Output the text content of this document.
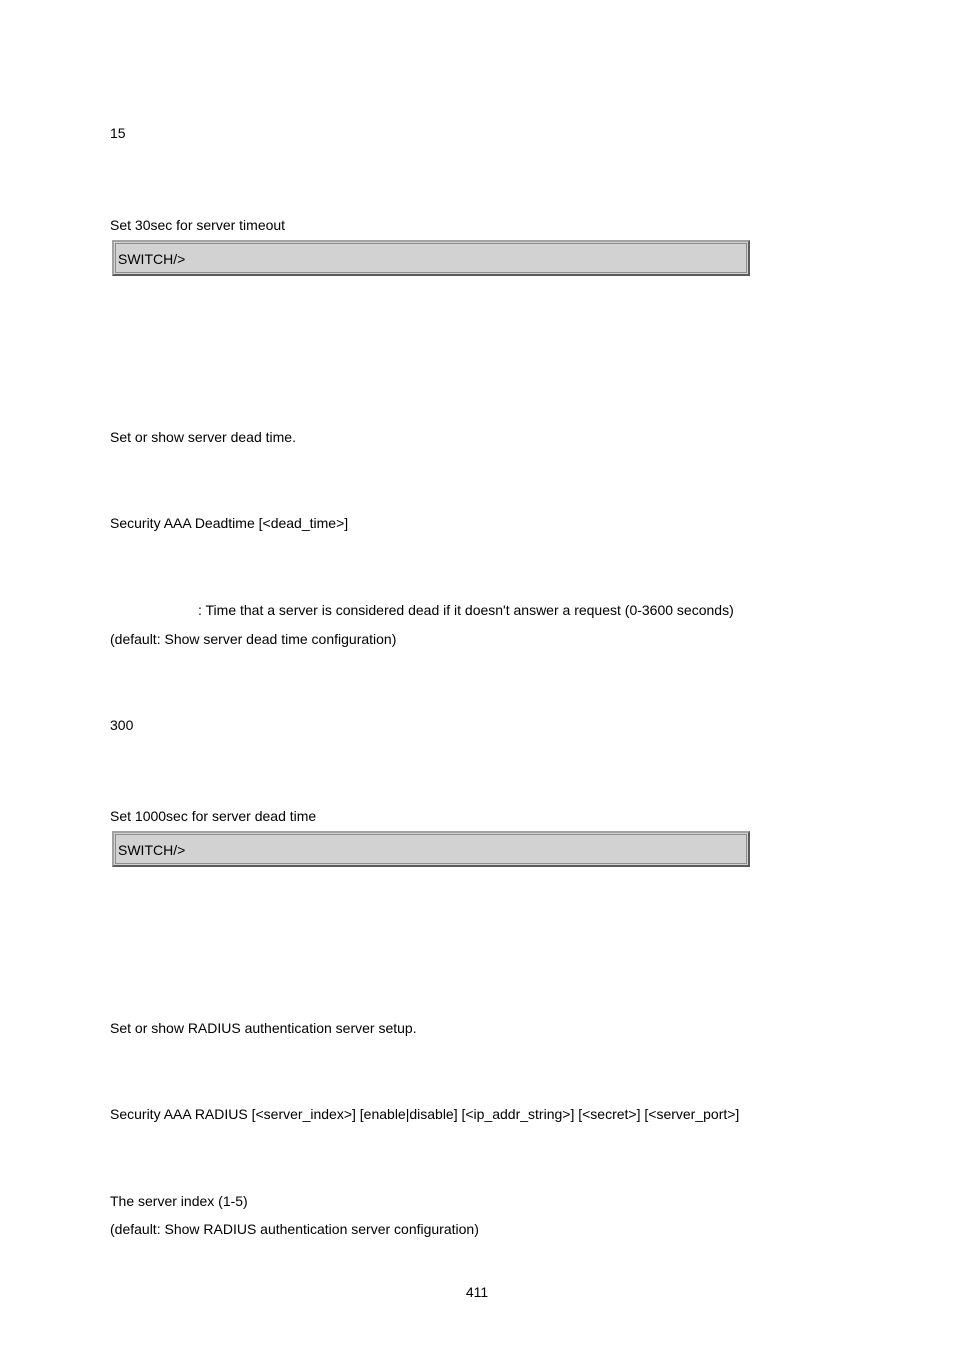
15
Set 30sec for server timeout
SWITCH/>
Set or show server dead time.
Security AAA Deadtime [<dead_time>]
: Time that a server is considered dead if it doesn't answer a request (0-3600 seconds)
(default: Show server dead time configuration)
300
Set 1000sec for server dead time
SWITCH/>
Set or show RADIUS authentication server setup.
Security AAA RADIUS [<server_index>] [enable|disable] [<ip_addr_string>] [<secret>] [<server_port>]
The server index (1-5)
(default: Show RADIUS authentication server configuration)
411
